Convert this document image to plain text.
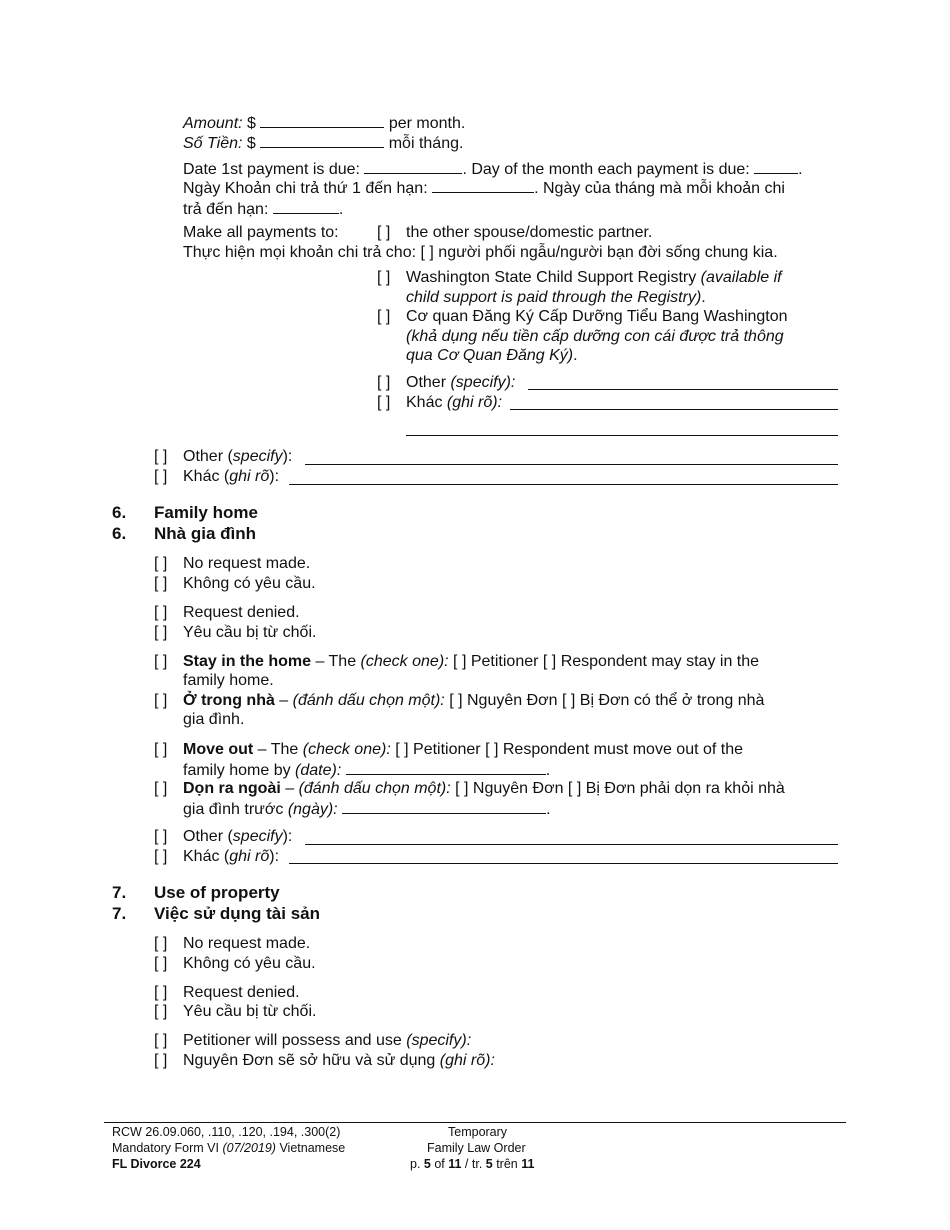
Amount: $	per month.
Số Tiền: $	mỗi tháng.
Date 1st payment is due:	. Day of the month each payment is due:	.
Ngày Khoản chi trả thứ 1 đến hạn:	. Ngày của tháng mà mỗi khoản chi
trả đến hạn:	.
Make all payments to: [ ] the other spouse/domestic partner.
Thực hiện mọi khoản chi trả cho: [ ] người phối ngẫu/người bạn đời sống chung kia.
[ ] Washington State Child Support Registry (available if
child support is paid through the Registry).
[ ] Cơ quan Đăng Ký Cấp Dưỡng Tiểu Bang Washington
(khả dụng nếu tiền cấp dưỡng con cái được trả thông
qua Cơ Quan Đăng Ký).
[ ] Other (specify):
[ ] Khác (ghi rõ):
[ ] Other (specify):
[ ] Khác (ghi rõ):
6. Family home
6. Nhà gia đình
[ ] No request made.
[ ] Không có yêu cầu.
[ ] Request denied.
[ ] Yêu cầu bị từ chối.
[ ] Stay in the home – The (check one): [ ] Petitioner [ ] Respondent may stay in the
family home.
[ ] Ở trong nhà – (đánh dấu chọn một): [ ] Nguyên Đơn [ ] Bị Đơn có thể ở trong nhà
gia đình.
[ ] Move out – The (check one): [ ] Petitioner [ ] Respondent must move out of the
family home by (date):	.
[ ] Dọn ra ngoài – (đánh dấu chọn một): [ ] Nguyên Đơn [ ] Bị Đơn phải dọn ra khỏi nhà
gia đình trước (ngày):	.
[ ] Other (specify):
[ ] Khác (ghi rõ):
7. Use of property
7. Việc sử dụng tài sản
[ ] No request made.
[ ] Không có yêu cầu.
[ ] Request denied.
[ ] Yêu cầu bị từ chối.
[ ] Petitioner will possess and use (specify):
[ ] Nguyên Đơn sẽ sở hữu và sử dụng (ghi rõ):
RCW 26.09.060, .110, .120, .194, .300(2)
Mandatory Form VI (07/2019) Vietnamese
FL Divorce 224
Temporary
Family Law Order
p. 5 of 11 / tr. 5 trên 11
